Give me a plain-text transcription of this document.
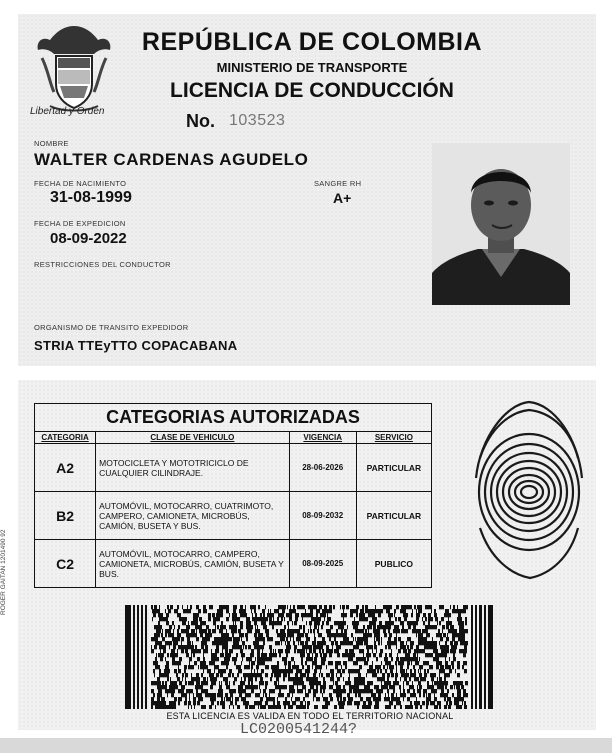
Libertad y Orden
REPÚBLICA DE COLOMBIA
MINISTERIO DE TRANSPORTE
LICENCIA DE CONDUCCIÓN
No. 103523
NOMBRE
WALTER CARDENAS AGUDELO
FECHA DE NACIMIENTO
31-08-1999
SANGRE RH
A+
FECHA DE EXPEDICION
08-09-2022
RESTRICCIONES DEL CONDUCTOR
ORGANISMO DE TRANSITO EXPEDIDOR
STRIA TTEyTTO COPACABANA
CATEGORIAS AUTORIZADAS			
CATEGORIA	CLASE DE VEHICULO	VIGENCIA	SERVICIO
A2	MOTOCICLETA Y MOTOTRICICLO DE CUALQUIER CILINDRAJE.	28-06-2026	PARTICULAR
B2	AUTOMÓVIL, MOTOCARRO, CUATRIMOTO, CAMPERO, CAMIONETA, MICROBÚS, CAMIÓN, BUSETA Y BUS.	08-09-2032	PARTICULAR
C2	AUTOMÓVIL, MOTOCARRO, CAMPERO, CAMIONETA, MICROBÚS, CAMIÓN, BUSETA Y BUS.	08-09-2025	PUBLICO
ESTA LICENCIA ES VALIDA EN TODO EL TERRITORIO NACIONAL
LC0200541244?
ROGER GAITAN 1201490 92
